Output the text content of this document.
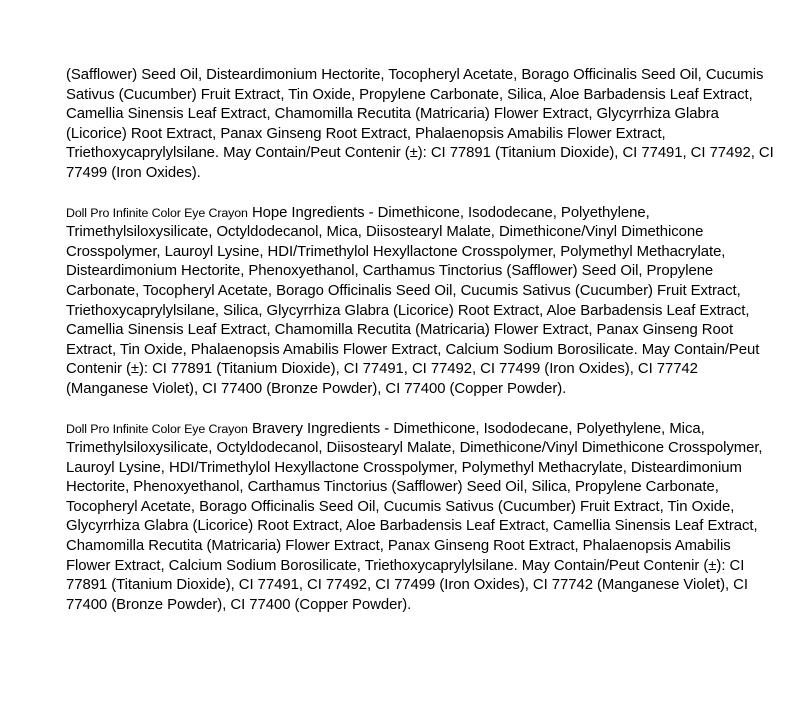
(Safflower) Seed Oil, Disteardimonium Hectorite, Tocopheryl Acetate, Borago Officinalis Seed Oil, Cucumis Sativus (Cucumber) Fruit Extract, Tin Oxide, Propylene Carbonate, Silica, Aloe Barbadensis Leaf Extract, Camellia Sinensis Leaf Extract, Chamomilla Recutita (Matricaria) Flower Extract, Glycyrrhiza Glabra (Licorice) Root Extract, Panax Ginseng Root Extract, Phalaenopsis Amabilis Flower Extract, Triethoxycaprylylsilane. May Contain/Peut Contenir (±): CI 77891 (Titanium Dioxide), CI 77491, CI 77492, CI 77499 (Iron Oxides).

Doll Pro Infinite Color Eye Crayon Hope Ingredients - Dimethicone, Isododecane, Polyethylene, Trimethylsiloxysilicate, Octyldodecanol, Mica, Diisostearyl Malate, Dimethicone/Vinyl Dimethicone Crosspolymer, Lauroyl Lysine, HDI/Trimethylol Hexyllactone Crosspolymer, Polymethyl Methacrylate, Disteardimonium Hectorite, Phenoxyethanol, Carthamus Tinctorius (Safflower) Seed Oil, Propylene Carbonate, Tocopheryl Acetate, Borago Officinalis Seed Oil, Cucumis Sativus (Cucumber) Fruit Extract, Triethoxycaprylylsilane, Silica, Glycyrrhiza Glabra (Licorice) Root Extract, Aloe Barbadensis Leaf Extract, Camellia Sinensis Leaf Extract, Chamomilla Recutita (Matricaria) Flower Extract, Panax Ginseng Root Extract, Tin Oxide, Phalaenopsis Amabilis Flower Extract, Calcium Sodium Borosilicate. May Contain/Peut Contenir (±): CI 77891 (Titanium Dioxide), CI 77491, CI 77492, CI 77499 (Iron Oxides), CI 77742 (Manganese Violet), CI 77400 (Bronze Powder), CI 77400 (Copper Powder).

Doll Pro Infinite Color Eye Crayon Bravery Ingredients - Dimethicone, Isododecane, Polyethylene, Mica, Trimethylsiloxysilicate, Octyldodecanol, Diisostearyl Malate, Dimethicone/Vinyl Dimethicone Crosspolymer, Lauroyl Lysine, HDI/Trimethylol Hexyllactone Crosspolymer, Polymethyl Methacrylate, Disteardimonium Hectorite, Phenoxyethanol, Carthamus Tinctorius (Safflower) Seed Oil, Silica, Propylene Carbonate, Tocopheryl Acetate, Borago Officinalis Seed Oil, Cucumis Sativus (Cucumber) Fruit Extract, Tin Oxide, Glycyrrhiza Glabra (Licorice) Root Extract, Aloe Barbadensis Leaf Extract, Camellia Sinensis Leaf Extract, Chamomilla Recutita (Matricaria) Flower Extract, Panax Ginseng Root Extract, Phalaenopsis Amabilis Flower Extract, Calcium Sodium Borosilicate, Triethoxycaprylylsilane. May Contain/Peut Contenir (±): CI 77891 (Titanium Dioxide), CI 77491, CI 77492, CI 77499 (Iron Oxides), CI 77742 (Manganese Violet), CI 77400 (Bronze Powder), CI 77400 (Copper Powder).
